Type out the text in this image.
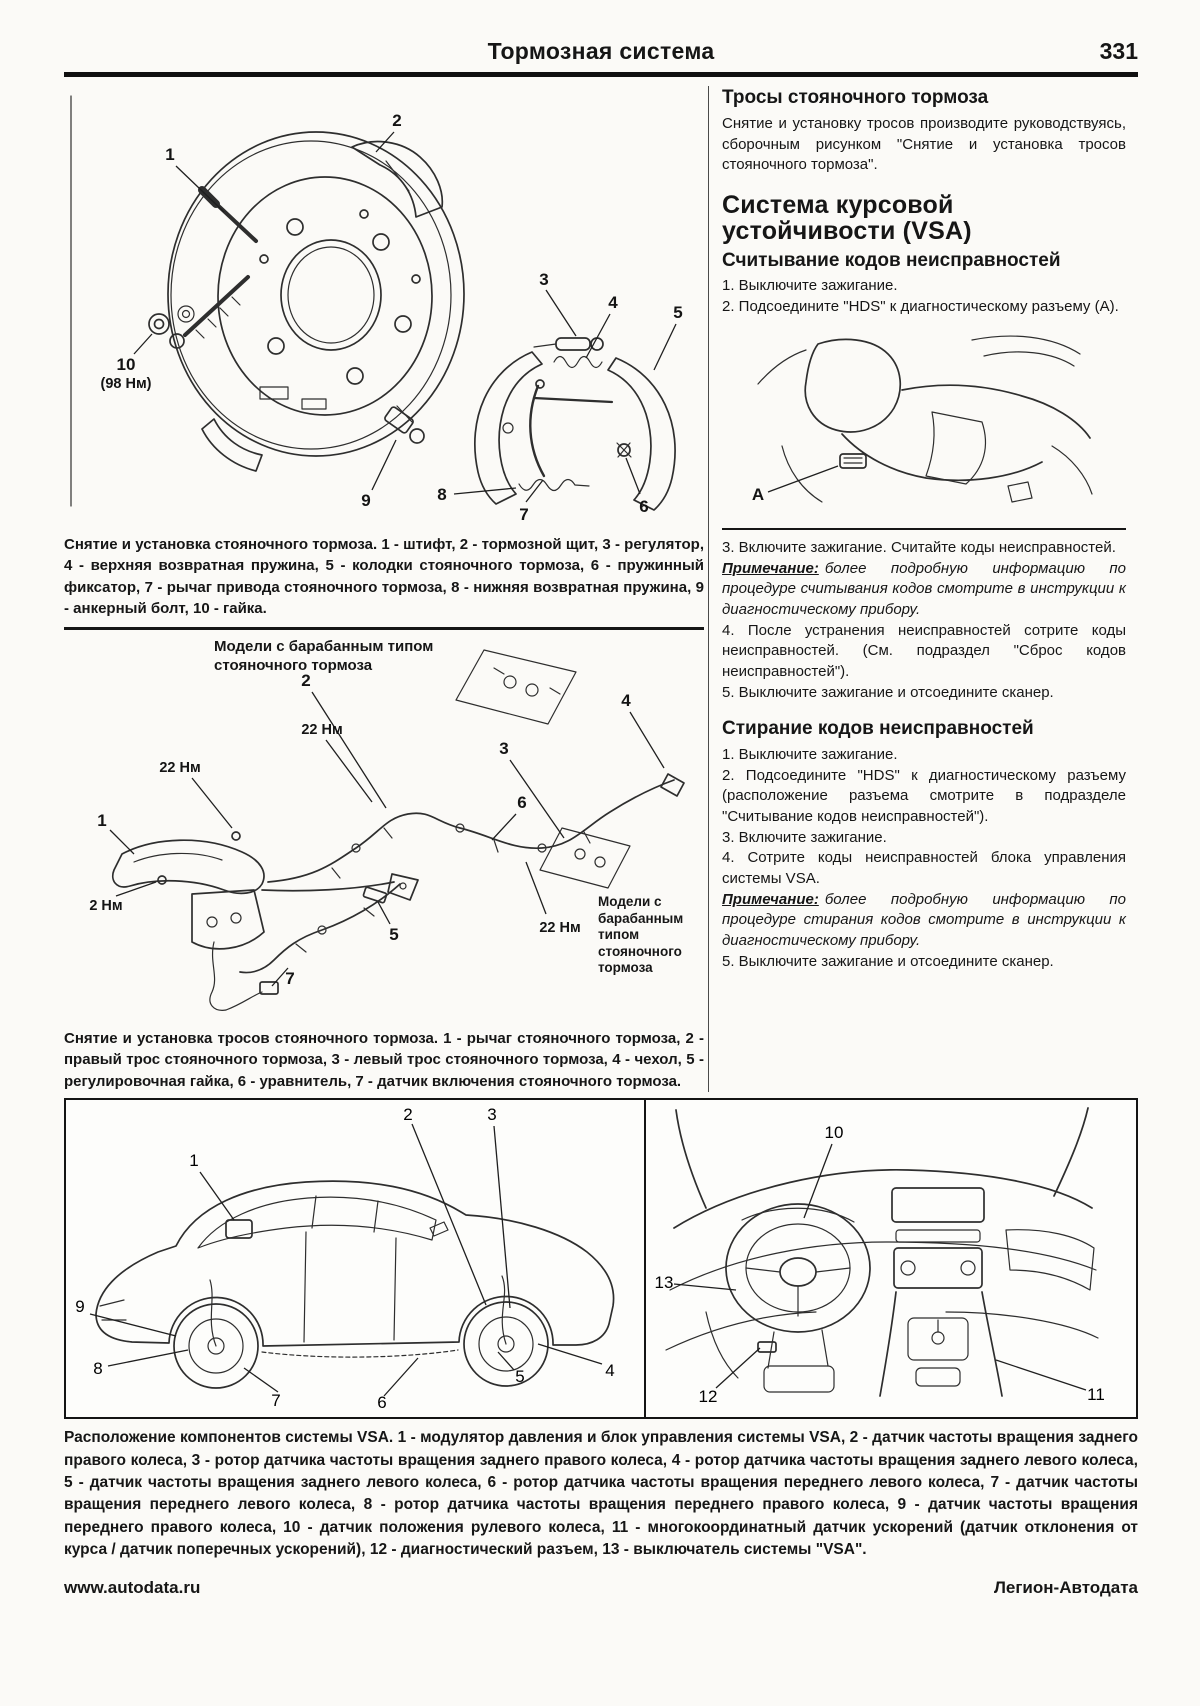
Тормозная система	331
1
2
3
4
5
6
7
8
9
10
(98 Нм)
Снятие и установка стояночного тормоза. 1 - штифт, 2 - тормозной щит, 3 - регулятор, 4 - верхняя возвратная пружина, 5 - колодки стояночного тормоза, 6 - пружинный фиксатор, 7 - рычаг привода стояночного тормоза, 8 - нижняя возвратная пружина, 9 - анкерный болт, 10 - гайка.
Модели с барабанным типом стояночного тормоза
Модели с барабанным типом стояночного тормоза
1
2
3
4
5
6
7
22 Нм
22 Нм
22 Нм
2 Нм
Снятие и установка тросов стояночного тормоза. 1 - рычаг стояночного тормоза, 2 - правый трос стояночного тормоза, 3 - левый трос стояночного тормоза, 4 - чехол, 5 - регулировочная гайка, 6 - уравнитель, 7 - датчик включения стояночного тормоза.
Тросы стояночного тормоза

Снятие и установку тросов производите руководствуясь, сборочным рисунком "Снятие и установка тросов стояночного тормоза".

Система курсовой устойчивости (VSA)
Считывание кодов неисправностей

1. Выключите зажигание.

2. Подсоедините "HDS" к диагностическому разъему (А).

A

3. Включите зажигание. Считайте коды неисправностей.

Примечание: более подробную информацию по процедуре считывания кодов смотрите в инструкции к диагностическому прибору.

4. После устранения неисправностей сотрите коды неисправностей. (См. подраздел "Сброс кодов неисправностей").

5. Выключите зажигание и отсоедините сканер.

Стирание кодов неисправностей

1. Выключите зажигание.

2. Подсоедините "HDS" к диагностическому разъему (расположение разъема смотрите в подразделе "Считывание кодов неисправностей").

3. Включите зажигание.

4. Сотрите коды неисправностей блока управления системы VSA.

Примечание: более подробную информацию по процедуре стирания кодов смотрите в инструкции к диагностическому прибору.

5. Выключите зажигание и отсоедините сканер.

1
2	3
9
8
7	6
5	4
10
13
12	11
Расположение компонентов системы VSA. 1 - модулятор давления и блок управления системы VSA, 2 - датчик частоты вращения заднего правого колеса, 3 - ротор датчика частоты вращения заднего правого колеса, 4 - ротор датчика частоты вращения заднего левого колеса, 5 - датчик частоты вращения заднего левого колеса, 6 - ротор датчика частоты вращения переднего левого колеса, 7 - датчик частоты вращения переднего левого колеса, 8 - ротор датчика частоты вращения переднего правого колеса, 9 - датчик частоты вращения переднего правого колеса, 10 - датчик положения рулевого колеса, 11 - многокоординатный датчик ускорений (датчик отклонения от курса / датчик поперечных ускорений), 12 - диагностический разъем, 13 - выключатель системы "VSA".
www.autodata.ru	Легион-Автодата
